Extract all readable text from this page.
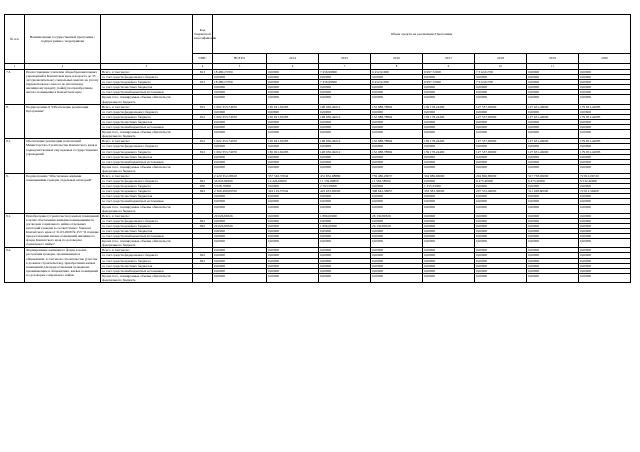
№ п/п	Наименование государственной программы / подпрограммы / мероприятия		Код бюджетной классификации	Объем средств на реализацию Программы							
			ГРБС	ВСЕГО	2014	2015	2016	2017	2018	2019	2020
1	2	3	4	5	6	7	8	9	10	11	
7.3.	Предоставление учителям общеобразовательных учреждений в Камчатском крае в возрасте до 35 лет (включительно) социальных выплат на уплату первоначального взноса по ипотечному жилищному кредиту (займу) на приобретение жилого помещения в Камчатском крае	Всего, в том числе:	813	18 480,23700	0,00000	7 456,99800	6 452,91000	6 997,72000	7 312,61700	0,00000	0,00000
		за счет средств федерального бюджета		0,00000	0,00000	0,00000	0,00000	0,00000	0,00000	0,00000	0,00000
		за счет средств краевого бюджета	813	18 480,23700	0,00000	7 456,99800	6 452,91000	6 997,72000	7 312,61700	0,00000	0,00000
		за счет средств местных бюджетов		0,00000	0,00000	0,00000	0,00000	0,00000	0,00000	0,00000	0,00000
		за счет средств внебюджетных источников		0,00000	0,00000	0,00000	0,00000	0,00000	0,00000	0,00000	0,00000
		Кроме того, планируемые объемы обязательств федерального бюджета		0,00000	0,00000	0,00000	0,00000	0,00000	0,00000	0,00000	0,00000
8.	Подпрограмма 8 "Обеспечение реализации Программы"	Всего, в том числе:	812	1 002 353,74070	165 921,02283	148 930,49212	152 988,78892	159 178,24400	127 537,00000	127 631,46000	179 951,42083
		за счет средств федерального бюджета		0,00000	0,00000	0,00000	0,00000	0,00000	0,00000	0,00000	0,00000
		за счет средств краевого бюджета	812	1 002 353,74070	165 921,02283	148 930,49212	152 988,78892	159 178,24400	127 537,00000	127 631,46000	179 951,42083
		за счет средств местных бюджетов		0,00000	0,00000	0,00000	0,00000	0,00000	0,00000	0,00000	0,00000
		за счет средств внебюджетных источников		0,00000	0,00000	0,00000	0,00000	0,00000	0,00000	0,00000	0,00000
		Кроме того, планируемые объемы обязательств федерального бюджета		0,00000	0,00000	0,00000	0,00000	0,00000	0,00000	0,00000	0,00000
8.1.	Обеспечение реализации полномочий Министерства строительства Камчатского края и подведомственных ему краевых государственных учреждений	Всего, в том числе:	812	1 002 353,74070	165 921,02283	148 930,49212	152 988,78892	159 178,24400	127 537,00000	127 631,46000	179 951,42083
		за счет средств федерального бюджета		0,00000	0,00000	0,00000	0,00000	0,00000	0,00000	0,00000	0,00000
		за счет средств краевого бюджета	812	1 002 353,74070	165 921,02283	148 930,49212	152 988,78892	159 178,24400	127 537,00000	127 631,46000	179 951,42083
		за счет средств местных бюджетов		0,00000	0,00000	0,00000	0,00000	0,00000	0,00000	0,00000	0,00000
		за счет средств внебюджетных источников		0,00000	0,00000	0,00000	0,00000	0,00000	0,00000	0,00000	0,00000
		Кроме того, планируемые объемы обязательств федерального бюджета		0,00000	0,00000	0,00000	0,00000	0,00000	0,00000	0,00000	0,00000
9.	Подпрограмма "Обеспечение жилыми помещениями граждан отдельных категорий"	Всего, в том числе:		2 420 352,28610	357 546,37042	431 832,08880	759 486,26057	304 086,60000	204 806,80000	317 758,00000	72 812,06720
		за счет средств федерального бюджета	822	56 643,80260	14 426,60000	11 159,09800	11 562,58500	0,00000	6 475,40000	6 475,40000	6 532,40000
		за счет средств краевого бюджета	830	5 028,78900	0,00000	2 763,58000	0,00000	1 255,33000	0,00000	0,00000	0,00000
		за счет средств краевого бюджета	822	2 369 499,69550	343 119,37042	423 933,00000	398 842,56857	353 581,30000	207 555,40000	311 268,60000	72 011,56460
		за счет средств местных бюджетов		0,00000	0,00000	0,00000	0,00000	0,00000	0,00000	0,00000	0,00000
		за счет средств внебюджетных источников		0,00000	0,00000	0,00000	0,00000	0,00000	0,00000	0,00000	0,00000
		Кроме того, планируемые объемы обязательств федерального бюджета		0,00000	0,00000	0,00000	0,00000	0,00000	0,00000	0,00000	0,00000
9.1.	Приобретение (строительство) жилых помещений в целях обеспечения жилыми помещениями по договорам социального найма отдельных категорий граждан в соответствии с Законом Камчатского края от 31.03.2009 № 253 "О порядке предоставления жилых помещений жилищного фонда Камчатского края по договорам социального найма"	Всего, в том числе:		29 026,89326	0,00000	1 896,00000	26 130,89326	0,00000	0,00000	0,00000	0,00000
		за счет средств федерального бюджета	822	0,00000	0,00000	0,00000	0,00000	0,00000	0,00000	0,00000	0,00000
		за счет средств краевого бюджета	822	29 026,89326	0,00000	1 896,00000	26 130,89326	0,00000	0,00000	0,00000	0,00000
		за счет средств местных бюджетов		0,00000	0,00000	0,00000	0,00000	0,00000	0,00000	0,00000	0,00000
		за счет средств внебюджетных источников		0,00000	0,00000	0,00000	0,00000	0,00000	0,00000	0,00000	0,00000
		Кроме того, планируемые объемы обязательств федерального бюджета		0,00000	0,00000	0,00000	0,00000	0,00000	0,00000	0,00000	0,00000
9.2.	Формирование жилищного фонда в целях расселения граждан, проживающих в общежитиях, в том числе строительства (участие в долевом строительстве), приобретения жилых помещений для предоставления гражданам, проживающим в общежитиях, жилых помещений по договорам социального найма	Всего, в том числе:		0,00000	0,00000	0,00000	0,00000	0,00000	0,00000	0,00000	0,00000
		за счет средств федерального бюджета	822	0,00000	0,00000	0,00000	0,00000	0,00000	0,00000	0,00000	0,00000
		за счет средств краевого бюджета	822	0,00000	0,00000	0,00000	0,00000	0,00000	0,00000	0,00000	0,00000
		за счет средств местных бюджетов		0,00000	0,00000	0,00000	0,00000	0,00000	0,00000	0,00000	0,00000
		за счет средств внебюджетных источников		0,00000	0,00000	0,00000	0,00000	0,00000	0,00000	0,00000	0,00000
		Кроме того, планируемые объемы обязательств федерального бюджета		0,00000	0,00000	0,00000	0,00000	0,00000	0,00000	0,00000	0,00000
